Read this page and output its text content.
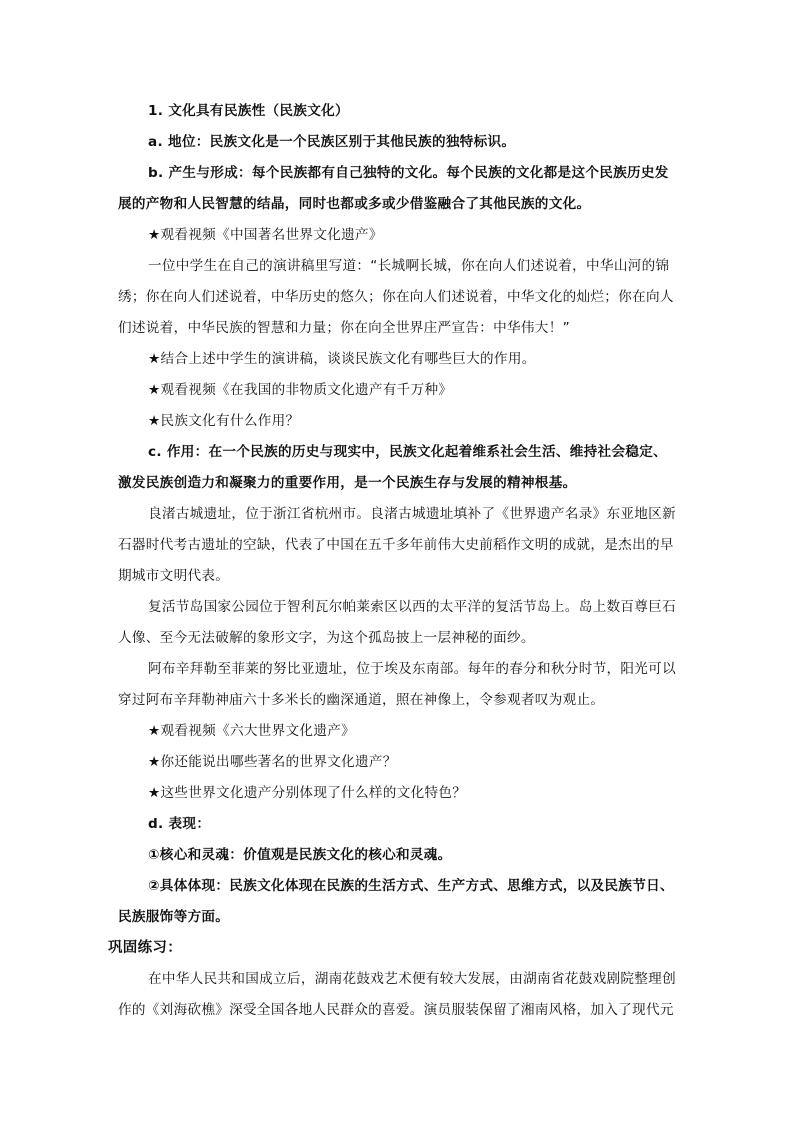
1. 文化具有民族性（民族文化）
a. 地位：民族文化是一个民族区别于其他民族的独特标识。
b. 产生与形成：每个民族都有自己独特的文化。每个民族的文化都是这个民族历史发
展的产物和人民智慧的结晶，同时也都或多或少借鉴融合了其他民族的文化。
★观看视频《中国著名世界文化遗产》
一位中学生在自己的演讲稿里写道：“长城啊长城，你在向人们述说着，中华山河的锦
绣；你在向人们述说着，中华历史的悠久；你在向人们述说着，中华文化的灿烂；你在向人
们述说着，中华民族的智慧和力量；你在向全世界庄严宣告：中华伟大！”
★结合上述中学生的演讲稿，谈谈民族文化有哪些巨大的作用。
★观看视频《在我国的非物质文化遗产有千万种》
★民族文化有什么作用？
c. 作用：在一个民族的历史与现实中，民族文化起着维系社会生活、维持社会稳定、
激发民族创造力和凝聚力的重要作用，是一个民族生存与发展的精神根基。
良渚古城遗址，位于浙江省杭州市。良渚古城遗址填补了《世界遗产名录》东亚地区新
石器时代考古遗址的空缺，代表了中国在五千多年前伟大史前稻作文明的成就，是杰出的早
期城市文明代表。
复活节岛国家公园位于智利瓦尔帕莱索区以西的太平洋的复活节岛上。岛上数百尊巨石
人像、至今无法破解的象形文字，为这个孤岛披上一层神秘的面纱。
阿布辛拜勒至菲莱的努比亚遗址，位于埃及东南部。每年的春分和秋分时节，阳光可以
穿过阿布辛拜勒神庙六十多米长的幽深通道，照在神像上，令参观者叹为观止。
★观看视频《六大世界文化遗产》
★你还能说出哪些著名的世界文化遗产？
★这些世界文化遗产分别体现了什么样的文化特色？
d. 表现：
①核心和灵魂：价值观是民族文化的核心和灵魂。
②具体体现：民族文化体现在民族的生活方式、生产方式、思维方式，以及民族节日、
民族服饰等方面。
巩固练习：
在中华人民共和国成立后，湖南花鼓戏艺术便有较大发展，由湖南省花鼓戏剧院整理创
作的《刘海砍樵》深受全国各地人民群众的喜爱。演员服装保留了湘南风格，加入了现代元
